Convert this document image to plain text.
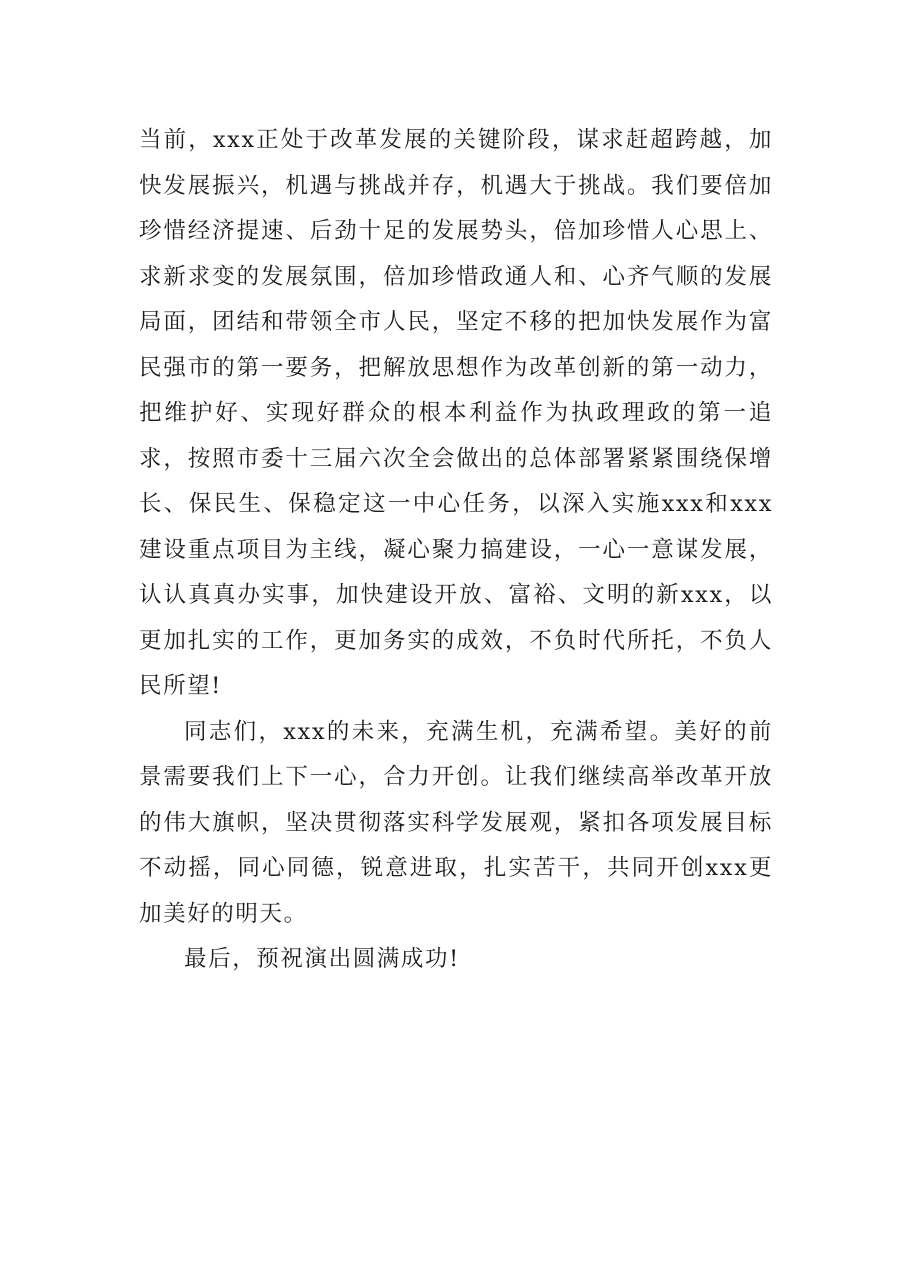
当前，xxx正处于改革发展的关键阶段，谋求赶超跨越，加快发展振兴，机遇与挑战并存，机遇大于挑战。我们要倍加珍惜经济提速、后劲十足的发展势头，倍加珍惜人心思上、求新求变的发展氛围，倍加珍惜政通人和、心齐气顺的发展局面，团结和带领全市人民，坚定不移的把加快发展作为富民强市的第一要务，把解放思想作为改革创新的第一动力，把维护好、实现好群众的根本利益作为执政理政的第一追求，按照市委十三届六次全会做出的总体部署紧紧围绕保增长、保民生、保稳定这一中心任务，以深入实施xxx和xxx建设重点项目为主线，凝心聚力搞建设，一心一意谋发展，认认真真办实事，加快建设开放、富裕、文明的新xxx，以更加扎实的工作，更加务实的成效，不负时代所托，不负人民所望!

同志们，xxx的未来，充满生机，充满希望。美好的前景需要我们上下一心，合力开创。让我们继续高举改革开放的伟大旗帜，坚决贯彻落实科学发展观，紧扣各项发展目标不动摇，同心同德，锐意进取，扎实苦干，共同开创xxx更加美好的明天。

最后，预祝演出圆满成功!
